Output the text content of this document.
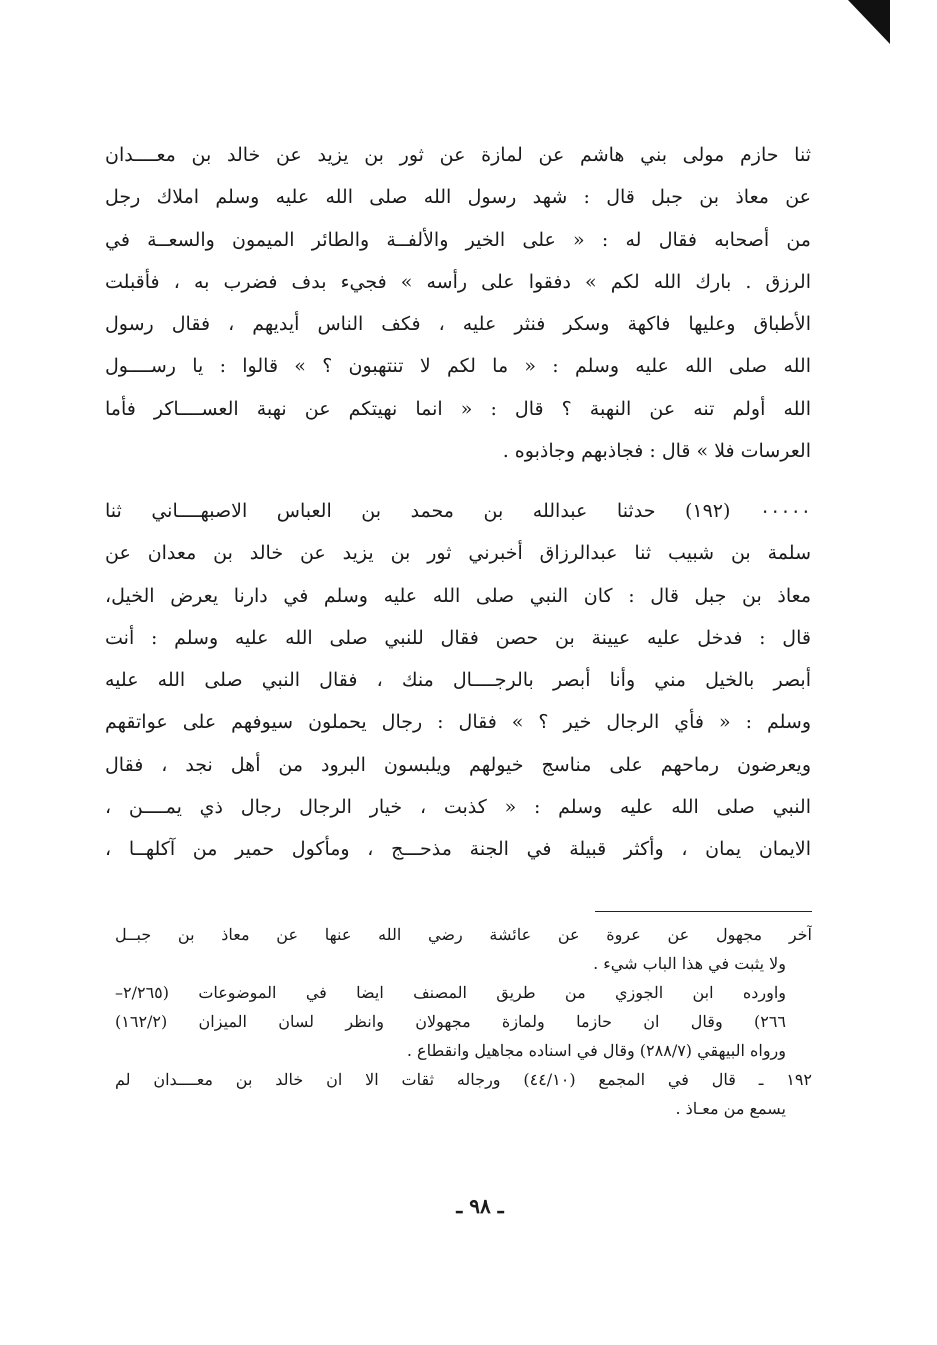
ثنا حازم مولى بني هاشم عن لمازة عن ثور بن يزيد عن خالد بن معــــدان
عن معاذ بن جبل قال : شهد رسول الله صلى الله عليه وسلم املاك رجل
من أصحابه فقال له : « على الخير والألفــة والطائر الميمون والسعــة في
الرزق . بارك الله لكم » دفقوا على رأسه » فجيء بدف فضرب به ، فأقبلت
الأطباق وعليها فاكهة وسكر فنثر عليه ، فكف الناس أيديهم ، فقال رسول
الله صلى الله عليه وسلم : « ما لكم لا تنتهبون ؟ » قالوا : يا رســــول
الله أولم تنه عن النهبة ؟ قال : « انما نهيتكم عن نهبة العســــاكر فأما
العرسات فلا » قال : فجاذبهم وجاذبوه .
٠٠٠٠٠ (١٩٢) حدثنا عبدالله بن محمد بن العباس الاصبهــــاني ثنا
سلمة بن شبيب ثنا عبدالرزاق أخبرني ثور بن يزيد عن خالد بن معدان عن
معاذ بن جبل قال : كان النبي صلى الله عليه وسلم في دارنا يعرض الخيل،
قال : فدخل عليه عيينة بن حصن فقال للنبي صلى الله عليه وسلم : أنت
أبصر بالخيل مني وأنا أبصر بالرجــــال منك ، فقال النبي صلى الله عليه
وسلم : « فأي الرجال خير ؟ » فقال : رجال يحملون سيوفهم على عواتقهم
ويعرضون رماحهم على مناسج خيولهم ويلبسون البرود من أهل نجد ، فقال
النبي صلى الله عليه وسلم : « كذبت ، خيار الرجال رجال ذي يمــــن ،
الايمان يمان ، وأكثر قبيلة في الجنة مذحـــج ، ومأكول حمير من آكلهــا ،
آخر مجهول عن عروة عن عائشة رضي الله عنها عن معاذ بن جبــل
ولا يثبت في هذا الباب شيء .
واورده ابن الجوزي من طريق المصنف ايضا في الموضوعات (٢/٢٦٥–
٢٦٦) وقال ان حازما ولمازة مجهولان وانظر لسان الميزان (١٦٢/٢)
ورواه البيهقي (٢٨٨/٧) وقال في اسناده مجاهيل وانقطاع .
١٩٢ ـ قال في المجمع (٤٤/١٠) ورجاله ثقات الا ان خالد بن معــــدان لم
يسمع من معـاذ .
ـ ٩٨ ـ
